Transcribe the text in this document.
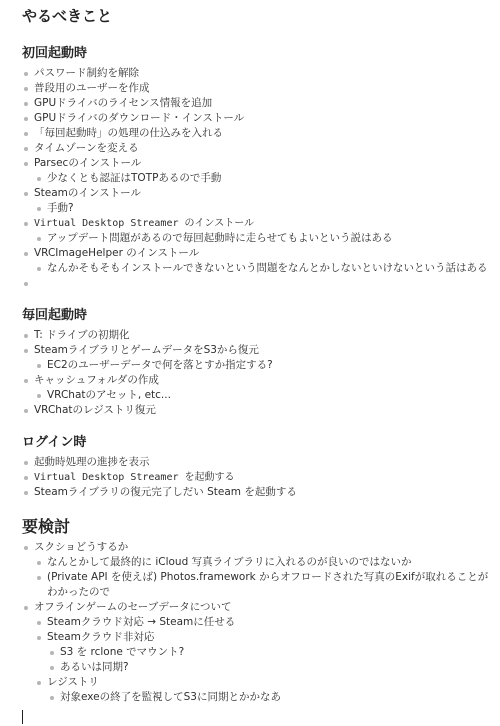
やるべきこと
初回起動時
パスワード制約を解除
普段用のユーザーを作成
GPUドライバのライセンス情報を追加
GPUドライバのダウンロード・インストール
「毎回起動時」の処理の仕込みを入れる
タイムゾーンを変える
Parsecのインストール
少なくとも認証はTOTPあるので手動
Steamのインストール
手動?
Virtual Desktop Streamer のインストール
アップデート問題があるので毎回起動時に走らせてもよいという説はある
VRCImageHelper のインストール
なんかそもそもインストールできないという問題をなんとかしないといけないという話はある
毎回起動時
T: ドライブの初期化
SteamライブラリとゲームデータをS3から復元
EC2のユーザーデータで何を落とすか指定する?
キャッシュフォルダの作成
VRChatのアセット, etc...
VRChatのレジストリ復元
ログイン時
起動時処理の進捗を表示
Virtual Desktop Streamer を起動する
Steamライブラリの復元完了しだい Steam を起動する
要検討
スクショどうするか
なんとかして最終的に iCloud 写真ライブラリに入れるのが良いのではないか
(Private API を使えば) Photos.framework からオフロードされた写真のExifが取れることがわかったので
オフラインゲームのセーブデータについて
Steamクラウド対応 → Steamに任せる
Steamクラウド非対応
S3 を rclone でマウント?
あるいは同期?
レジストリ
対象exeの終了を監視してS3に同期とかかなあ
